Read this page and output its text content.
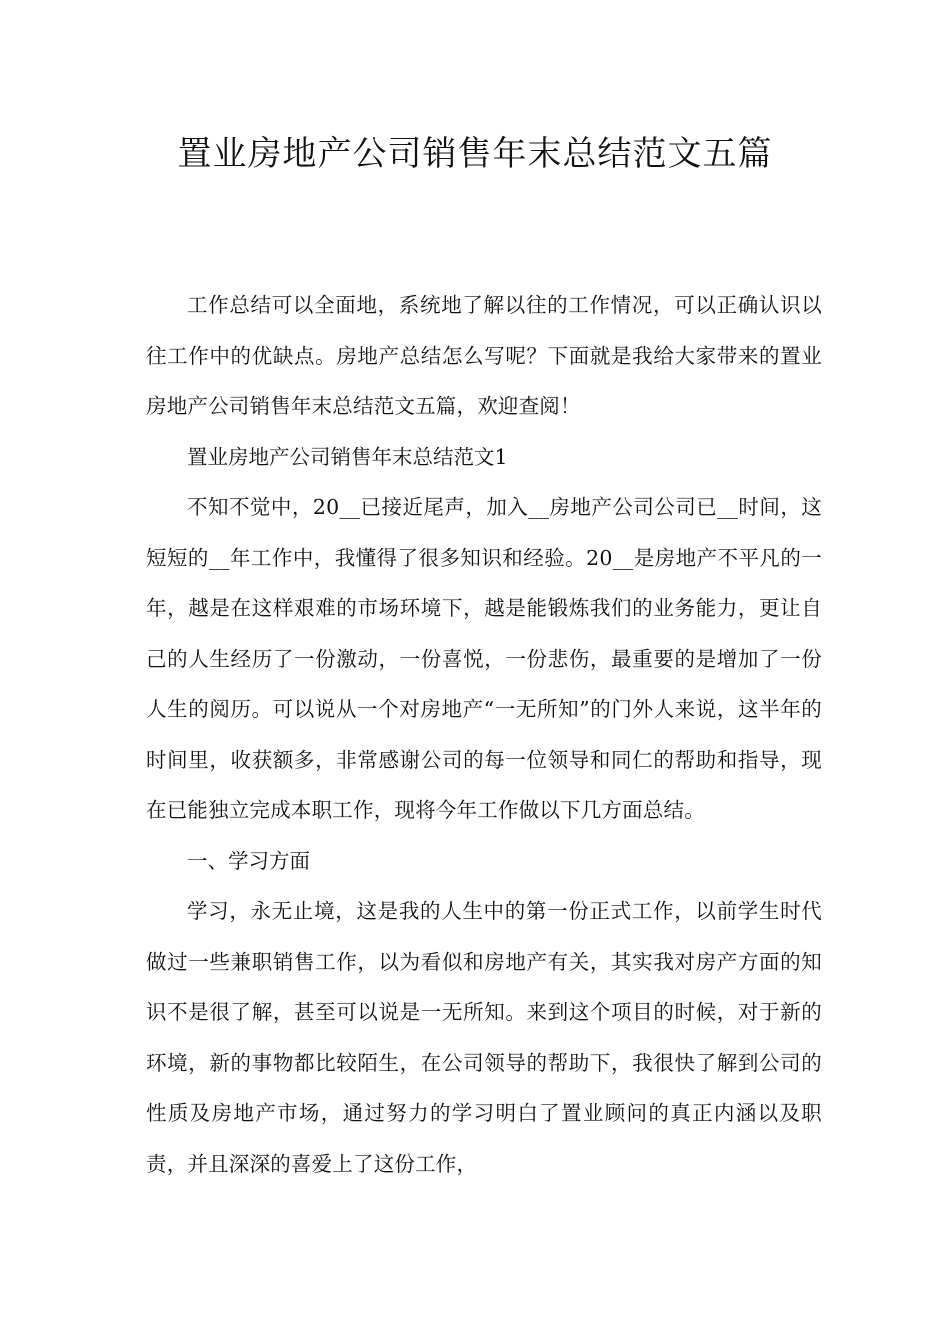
置业房地产公司销售年末总结范文五篇

工作总结可以全面地，系统地了解以往的工作情况，可以正确认识以往工作中的优缺点。房地产总结怎么写呢？下面就是我给大家带来的置业房地产公司销售年末总结范文五篇，欢迎查阅！

置业房地产公司销售年末总结范文1

不知不觉中，20__已接近尾声，加入__房地产公司公司已__时间，这短短的__年工作中，我懂得了很多知识和经验。20__是房地产不平凡的一年，越是在这样艰难的市场环境下，越是能锻炼我们的业务能力，更让自己的人生经历了一份激动，一份喜悦，一份悲伤，最重要的是增加了一份人生的阅历。可以说从一个对房地产“一无所知”的门外人来说，这半年的时间里，收获额多，非常感谢公司的每一位领导和同仁的帮助和指导，现在已能独立完成本职工作，现将今年工作做以下几方面总结。

一、学习方面

学习，永无止境，这是我的人生中的第一份正式工作，以前学生时代做过一些兼职销售工作，以为看似和房地产有关，其实我对房产方面的知识不是很了解，甚至可以说是一无所知。来到这个项目的时候，对于新的环境，新的事物都比较陌生，在公司领导的帮助下，我很快了解到公司的性质及房地产市场，通过努力的学习明白了置业顾问的真正内涵以及职责，并且深深的喜爱上了这份工作，
